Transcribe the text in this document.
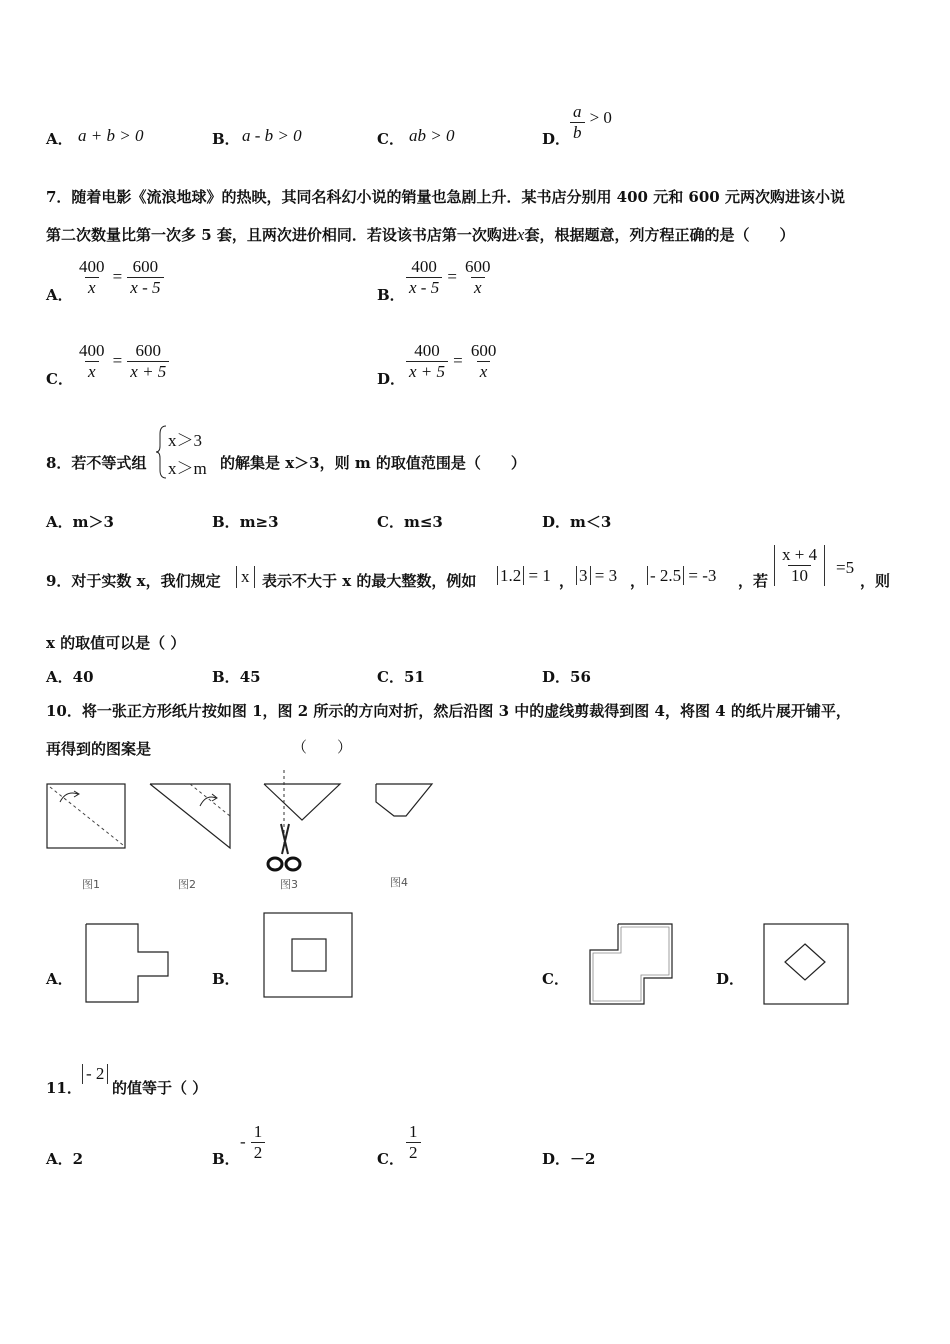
A． a + b > 0	B． a - b > 0	C． ab > 0	D． $\frac{a}{b} > 0$
7．随着电影《流浪地球》的热映，其同名科幻小说的销量也急剧上升．某书店分别用 400 元和 600 元两次购进该小说
第二次数量比第一次多 5 套，且两次进价相同．若设该书店第一次购进x套，根据题意，列方程正确的是（　　）
A． $\frac{400}{x} = \frac{600}{x - 5}$	B． $\frac{400}{x - 5} = \frac{600}{x}$
C． $\frac{400}{x} = \frac{600}{x + 5}$	D． $\frac{400}{x + 5} = \frac{600}{x}$
8．若不等式组
x＞3
x＞m 的解集是 x＞3，则 m 的取值范围是（　　）
A．m＞3	B．m≥3	C．m≤3	D．m＜3
9．对于实数 x，我们规定 x 表示不大于 x 的最大整数，例如 1.2 = 1 ， 3 = 3 ， - 2.5 = -3 ，若 $\frac{x + 4}{10} =5$
，则
x 的取值可以是（ ）
A．40	B．45	C．51	D．56
10．将一张正方形纸片按如图 1，图 2 所示的方向对折，然后沿图 3 中的虚线剪裁得到图 4，将图 4 的纸片展开铺平，
再得到的图案是	（　　）
图1	图2	图3	图4
A．	B．	C．	D．
11．
- 2
的值等于（ ）
A．2	B．
- $\frac{1}{2}$	C． $\frac{1}{2}$	D．－2
